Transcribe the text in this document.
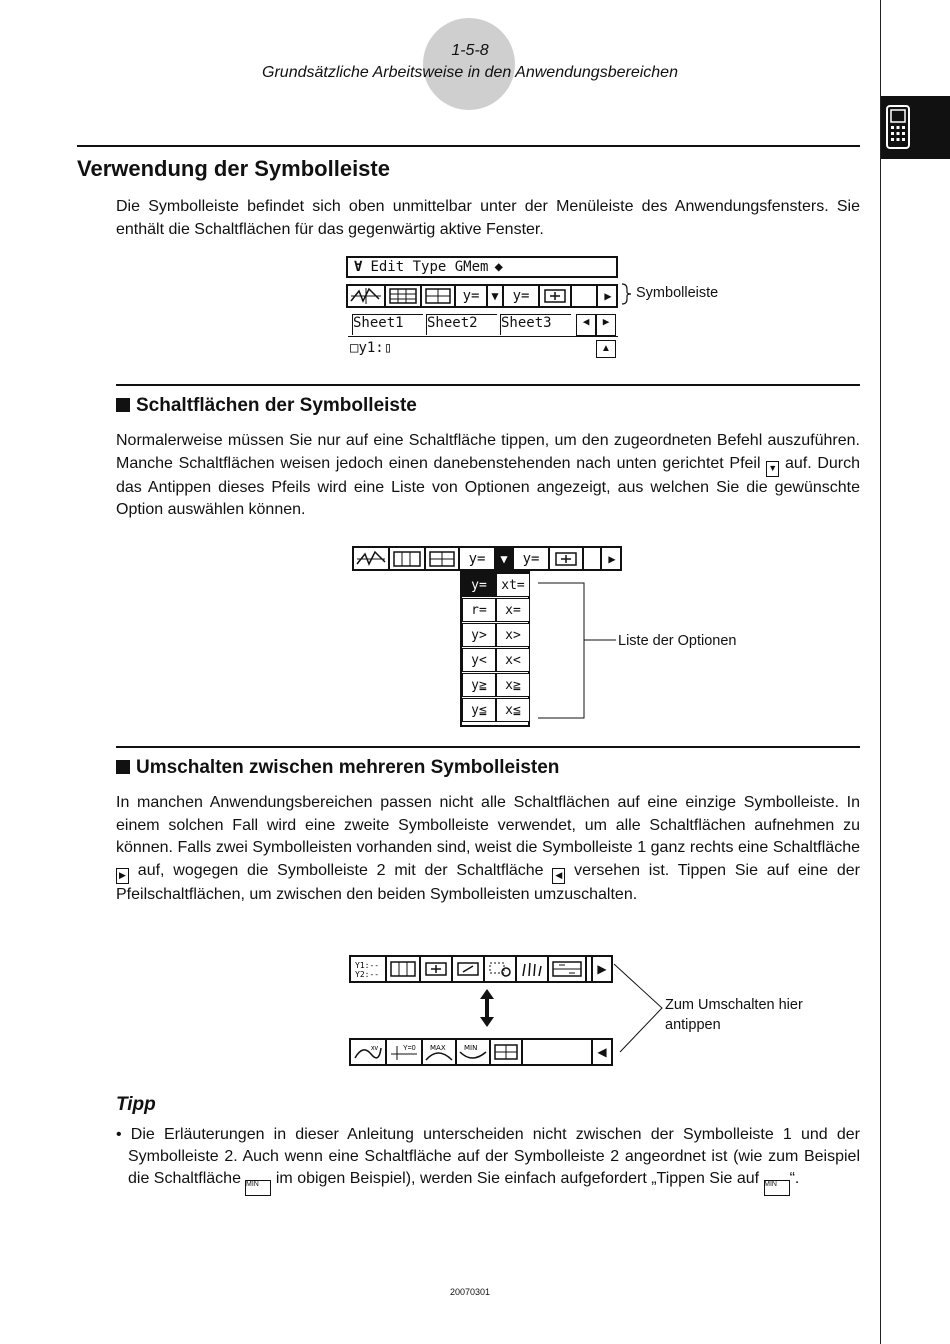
1-5-8
Grundsätzliche Arbeitsweise in den Anwendungsbereichen
Verwendung der Symbolleiste
Die Symbolleiste befindet sich oben unmittelbar unter der Menüleiste des Anwendungsfensters. Sie enthält die Schaltflächen für das gegenwärtig aktive Fenster.
∀ Edit Type GMem ◆
y= ▼ y=	▶
Sheet1	Sheet2	Sheet3	◀	▶
□y1:▯	▲
Symbolleiste
Schaltflächen der Symbolleiste
Normalerweise müssen Sie nur auf eine Schaltfläche tippen, um den zugeordneten Befehl auszuführen. Manche Schaltflächen weisen jedoch einen danebenstehenden nach unten gerichtet Pfeil ▼ auf. Durch das Antippen dieses Pfeils wird eine Liste von Optionen angezeigt, aus welchen Sie die gewünschte Option auswählen können.
y=	▼	y=	▶
y=	xt=
r=	x=
y>	x>
y<	x<
y≧	x≧
y≦	x≦
Liste der Optionen
Umschalten zwischen mehreren Symbolleisten
In manchen Anwendungsbereichen passen nicht alle Schaltflächen auf eine einzige Symbolleiste. In einem solchen Fall wird eine zweite Symbolleiste verwendet, um alle Schaltflächen aufnehmen zu können. Falls zwei Symbolleisten vorhanden sind, weist die Symbolleiste 1 ganz rechts eine Schaltfläche ▶ auf, wogegen die Symbolleiste 2 mit der Schaltfläche ◀ versehen ist. Tippen Sie auf eine der Pfeilschaltflächen, um zwischen den beiden Symbolleisten umzuschalten.
Y1:--
Y2:--	▶
xv	Y=0 MAX	MIN	◀
Zum Umschalten hier
antippen
Tipp
• Die Erläuterungen in dieser Anleitung unterscheiden nicht zwischen der Symbolleiste 1 und der Symbolleiste 2. Auch wenn eine Schaltfläche auf der Symbolleiste 2 angeordnet ist (wie zum Beispiel die Schaltfläche MIN im obigen Beispiel), werden Sie einfach aufgefordert „Tippen Sie auf MIN “.
20070301
